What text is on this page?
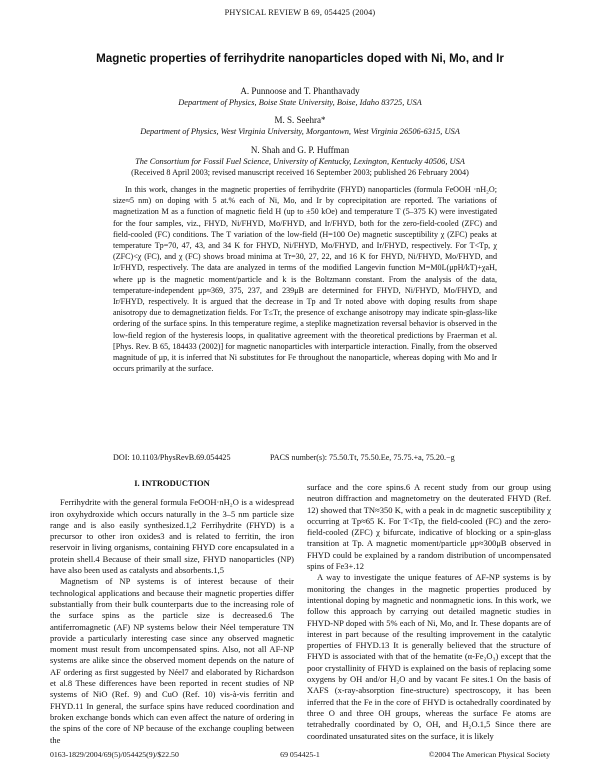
PHYSICAL REVIEW B 69, 054425 (2004)
Magnetic properties of ferrihydrite nanoparticles doped with Ni, Mo, and Ir
A. Punnoose and T. Phanthavady
Department of Physics, Boise State University, Boise, Idaho 83725, USA
M. S. Seehra*
Department of Physics, West Virginia University, Morgantown, West Virginia 26506-6315, USA
N. Shah and G. P. Huffman
The Consortium for Fossil Fuel Science, University of Kentucky, Lexington, Kentucky 40506, USA
(Received 8 April 2003; revised manuscript received 16 September 2003; published 26 February 2004)
In this work, changes in the magnetic properties of ferrihydrite (FHYD) nanoparticles (formula FeOOH ·nH₂O; size≈5 nm) on doping with 5 at.% each of Ni, Mo, and Ir by coprecipitation are reported. The variations of magnetization M as a function of magnetic field H (up to ±50 kOe) and temperature T (5–375 K) were investigated for the four samples, viz., FHYD, Ni/FHYD, Mo/FHYD, and Ir/FHYD, both for the zero-field-cooled (ZFC) and field-cooled (FC) conditions. The T variation of the low-field (H=100 Oe) magnetic susceptibility χ (ZFC) peaks at temperature Tp=70, 47, 43, and 34 K for FHYD, Ni/FHYD, Mo/FHYD, and Ir/FHYD, respectively. For T<Tp, χ (ZFC)<χ (FC), and χ (FC) shows broad minima at Tr=30, 27, 22, and 16 K for FHYD, Ni/FHYD, Mo/FHYD, and Ir/FHYD, respectively. The data are analyzed in terms of the modified Langevin function M=M0L(μpH/kT)+χaH, where μp is the magnetic moment/particle and k is the Boltzmann constant. From the analysis of the data, temperature-independent μp≈369, 375, 237, and 239μB are determined for FHYD, Ni/FHYD, Mo/FHYD, and Ir/FHYD, respectively. It is argued that the decrease in Tp and Tr noted above with doping results from shape anisotropy due to demagnetization fields. For T≤Tr, the presence of exchange anisotropy may indicate spin-glass-like ordering of the surface spins. In this temperature regime, a steplike magnetization reversal behavior is observed in the low-field region of the hysteresis loops, in qualitative agreement with the theoretical predictions by Fraerman et al. [Phys. Rev. B 65, 184433 (2002)] for magnetic nanoparticles with interparticle interaction. Finally, from the observed magnitude of μp, it is inferred that Ni substitutes for Fe throughout the nanoparticle, whereas doping with Mo and Ir occurs primarily at the surface.
DOI: 10.1103/PhysRevB.69.054425	PACS number(s): 75.50.Tt, 75.50.Ee, 75.75.+a, 75.20.−g
I. INTRODUCTION

Ferrihydrite with the general formula FeOOH·nH₂O is a widespread iron oxyhydroxide which occurs naturally in the 3–5 nm particle size range and is also easily synthesized.1,2 Ferrihydrite (FHYD) is a precursor to other iron oxides3 and is related to ferritin, the iron reservoir in living organisms, containing FHYD core encapsulated in a protein shell.4 Because of their small size, FHYD nanoparticles (NP) have also been used as catalysts and absorbents.1,5

Magnetism of NP systems is of interest because of their technological applications and because their magnetic properties differ substantially from their bulk counterparts due to the increasing role of the surface spins as the particle size is decreased.6 The antiferromagnetic (AF) NP systems below their Néel temperature TN provide a particularly interesting case since any observed magnetic moment must result from uncompensated spins. Also, not all AF-NP systems are alike since the observed moment depends on the nature of AF ordering as first suggested by Néel7 and elaborated by Richardson et al.8 These differences have been reported in recent studies of NP systems of NiO (Ref. 9) and CuO (Ref. 10) vis-à-vis ferritin and FHYD.11 In general, the surface spins have reduced coordination and broken exchange bonds which can even affect the nature of ordering in the spins of the core of NP because of the exchange coupling between the

surface and the core spins.6 A recent study from our group using neutron diffraction and magnetometry on the deuterated FHYD (Ref. 12) showed that TN≈350 K, with a peak in dc magnetic susceptibility χ occurring at Tp≈65 K. For T<Tp, the field-cooled (FC) and the zero-field-cooled (ZFC) χ bifurcate, indicative of blocking or a spin-glass transition at Tp. A magnetic moment/particle μp≈300μB observed in FHYD could be explained by a random distribution of uncompensated spins of Fe3+.12

A way to investigate the unique features of AF-NP systems is by monitoring the changes in the magnetic properties produced by intentional doping by magnetic and nonmagnetic ions. In this work, we follow this approach by carrying out detailed magnetic studies in FHYD-NP doped with 5% each of Ni, Mo, and Ir. These dopants are of interest in part because of the resulting improvement in the catalytic properties of FHYD.13 It is generally believed that the structure of FHYD is associated with that of the hematite (α-Fe₂O₃) except that the poor crystallinity of FHYD is explained on the basis of replacing some oxygens by OH and/or H₂O and by vacant Fe sites.1 On the basis of XAFS (x-ray-absorption fine-structure) spectroscopy, it has been inferred that the Fe in the core of FHYD is octahedrally coordinated by three O and three OH groups, whereas the surface Fe atoms are tetrahedrally coordinated by O, OH, and H₂O.1,5 Since there are coordinated unsaturated sites on the surface, it is likely

0163-1829/2004/69(5)/054425(9)/$22.50	69 054425-1	©2004 The American Physical Society
